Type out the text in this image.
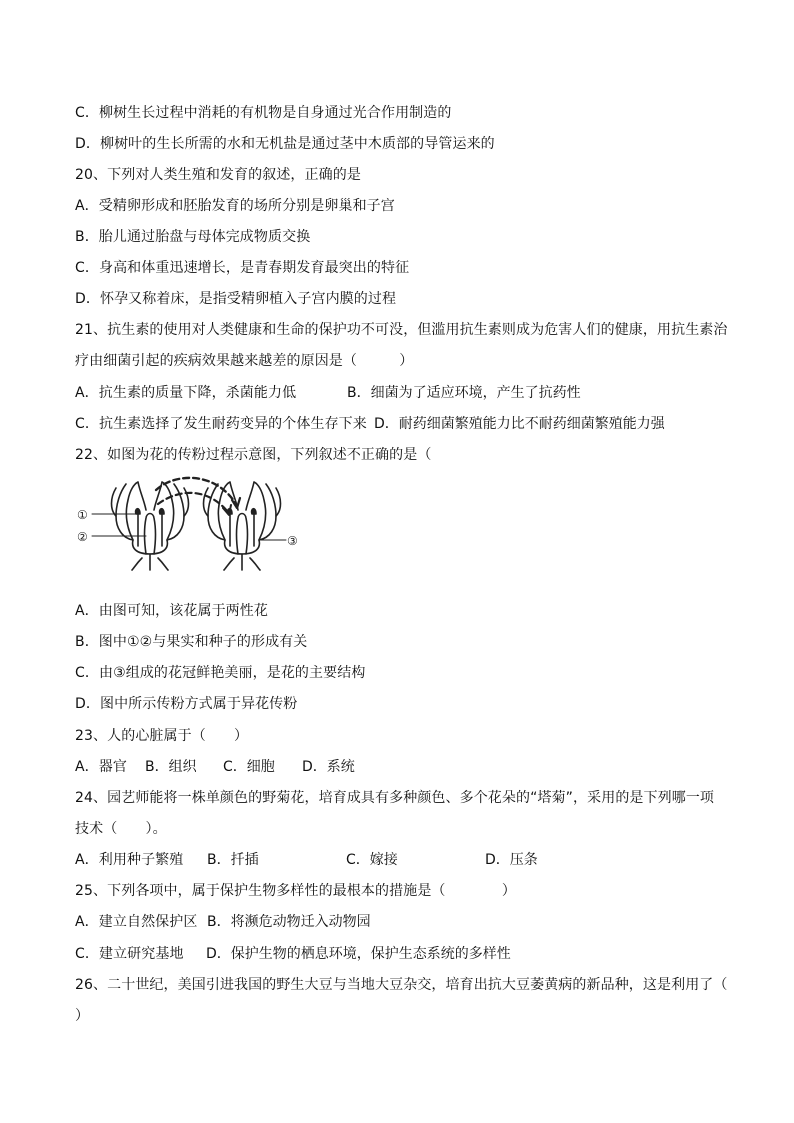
C．柳树生长过程中消耗的有机物是自身通过光合作用制造的
D．柳树叶的生长所需的水和无机盐是通过茎中木质部的导管运来的
20、下列对人类生殖和发育的叙述，正确的是
A．受精卵形成和胚胎发育的场所分别是卵巢和子宫
B．胎儿通过胎盘与母体完成物质交换
C．身高和体重迅速增长，是青春期发育最突出的特征
D．怀孕又称着床，是指受精卵植入子宫内膜的过程
21、抗生素的使用对人类健康和生命的保护功不可没，但滥用抗生素则成为危害人们的健康，用抗生素治
疗由细菌引起的疾病效果越来越差的原因是（　　　）
A．抗生素的质量下降，杀菌能力低	B．细菌为了适应环境，产生了抗药性
C．抗生素选择了发生耐药变异的个体生存下来 D．耐药细菌繁殖能力比不耐药细菌繁殖能力强
22、如图为花的传粉过程示意图，下列叙述不正确的是（
①
②	③
A．由图可知，该花属于两性花
B．图中①②与果实和种子的形成有关
C．由③组成的花冠鲜艳美丽，是花的主要结构
D．图中所示传粉方式属于异花传粉
23、人的心脏属于（　　）
A．器官 B．组织 C．细胞 D．系统
24、园艺师能将一株单颜色的野菊花，培育成具有多种颜色、多个花朵的“塔菊”，采用的是下列哪一项
技术（　　）。
A．利用种子繁殖 B．扦插	C．嫁接	D．压条
25、下列各项中，属于保护生物多样性的最根本的措施是（　　　　）
A．建立自然保护区 B．将濒危动物迁入动物园
C．建立研究基地 D．保护生物的栖息环境，保护生态系统的多样性
26、二十世纪，美国引进我国的野生大豆与当地大豆杂交，培育出抗大豆萎黄病的新品种，这是利用了（
）
